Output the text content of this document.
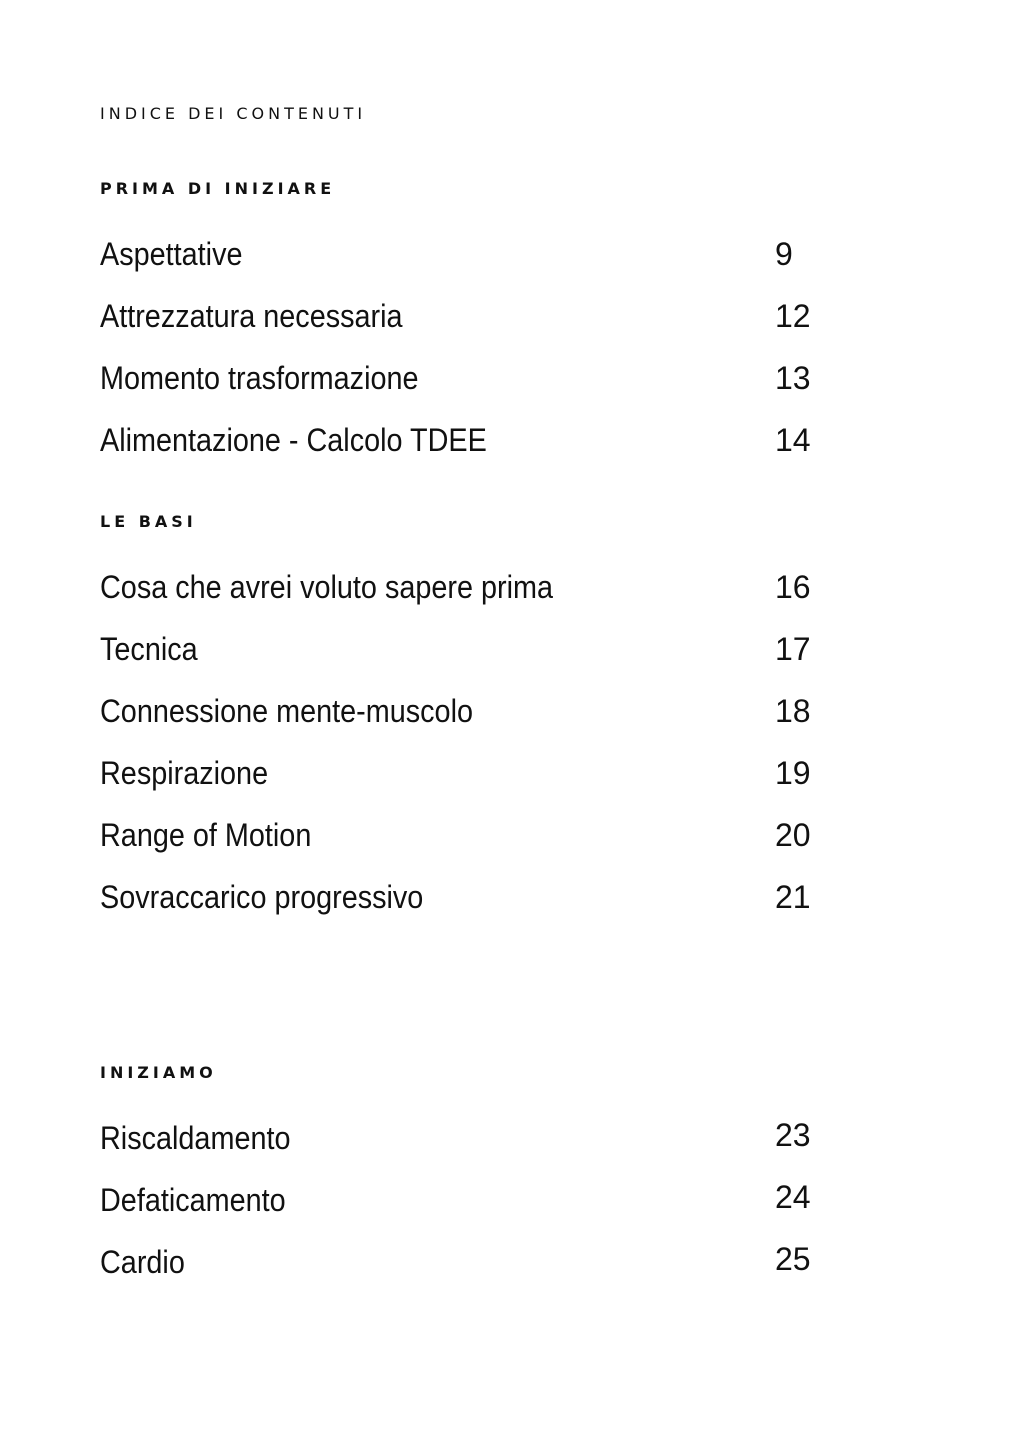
INDICE DEI CONTENUTI
PRIMA DI INIZIARE
Aspettative	9
Attrezzatura necessaria	12
Momento trasformazione	13
Alimentazione - Calcolo TDEE	14
LE BASI
Cosa che avrei voluto sapere prima	16
Tecnica	17
Connessione mente-muscolo	18
Respirazione	19
Range of Motion	20
Sovraccarico progressivo	21
INIZIAMO
Riscaldamento	23
Defaticamento	24
Cardio	25
